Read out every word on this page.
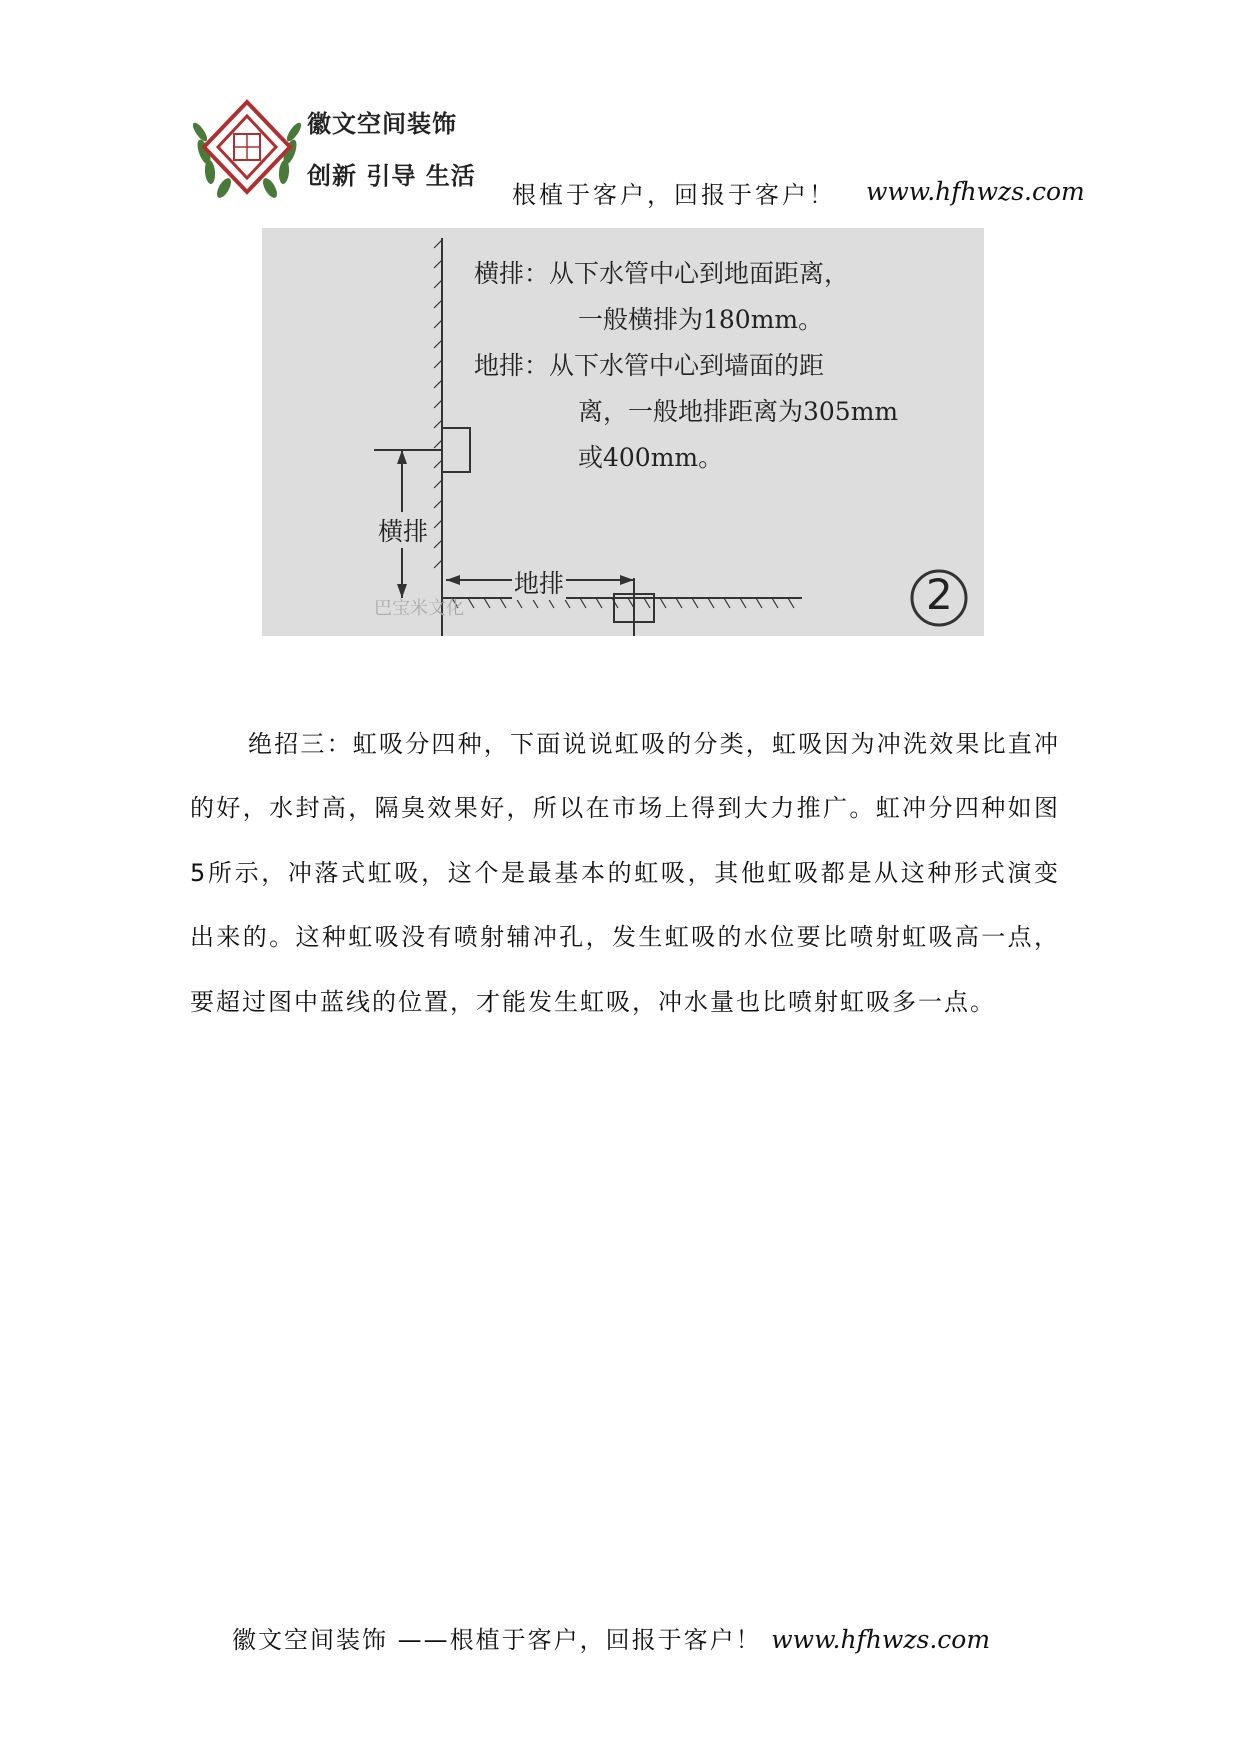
徽文空间装饰
创新 引导 生活
根植于客户，回报于客户！ www.hfhwzs.com
横排：从下水管中心到地面距离，
一般横排为180mm。
地排：从下水管中心到墙面的距
离，一般地排距离为305mm
或400mm。
横排
地排
巴宝米文化	2
绝招三：虹吸分四种，下面说说虹吸的分类，虹吸因为冲洗效果比直冲的好，水封高，隔臭效果好，所以在市场上得到大力推广。虹冲分四种如图5所示，冲落式虹吸，这个是最基本的虹吸，其他虹吸都是从这种形式演变出来的。这种虹吸没有喷射辅冲孔，发生虹吸的水位要比喷射虹吸高一点，要超过图中蓝线的位置，才能发生虹吸，冲水量也比喷射虹吸多一点。
徽文空间装饰 ——根植于客户，回报于客户！ www.hfhwzs.com
